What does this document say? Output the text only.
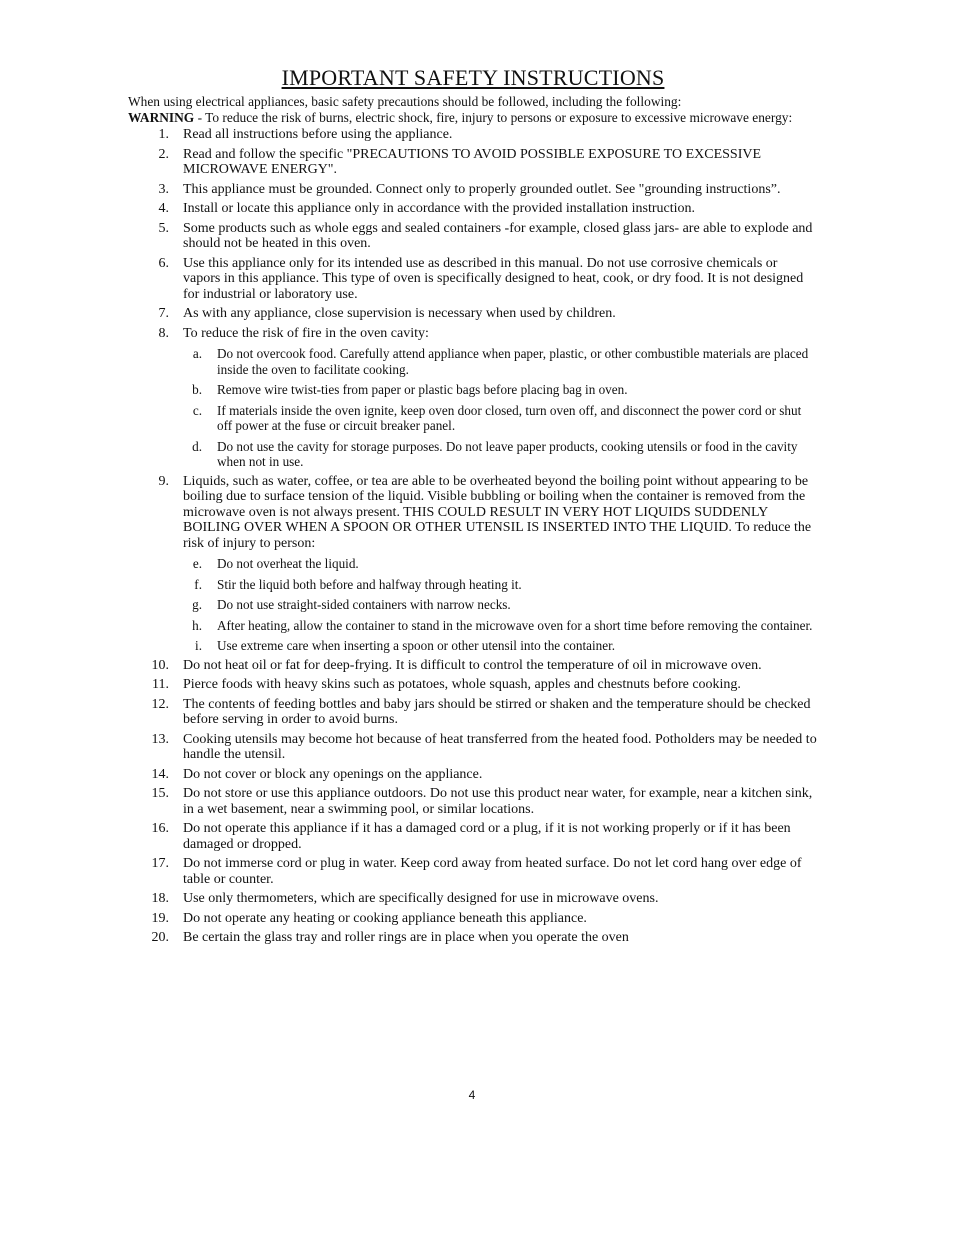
IMPORTANT SAFETY INSTRUCTIONS

When using electrical appliances, basic safety precautions should be followed, including the following:

WARNING - To reduce the risk of burns, electric shock, fire, injury to persons or exposure to excessive microwave energy:

1. Read all instructions before using the appliance.
2. Read and follow the specific "PRECAUTIONS TO AVOID POSSIBLE EXPOSURE TO EXCESSIVE MICROWAVE ENERGY".
3. This appliance must be grounded. Connect only to properly grounded outlet. See "grounding instructions”.
4. Install or locate this appliance only in accordance with the provided installation instruction.
5. Some products such as whole eggs and sealed containers -for example, closed glass jars- are able to explode and should not be heated in this oven.
6. Use this appliance only for its intended use as described in this manual. Do not use corrosive chemicals or vapors in this appliance. This type of oven is specifically designed to heat, cook, or dry food. It is not designed for industrial or laboratory use.
7. As with any appliance, close supervision is necessary when used by children.
8. To reduce the risk of fire in the oven cavity:
a. Do not overcook food. Carefully attend appliance when paper, plastic, or other combustible materials are placed inside the oven to facilitate cooking.
b. Remove wire twist-ties from paper or plastic bags before placing bag in oven.
c. If materials inside the oven ignite, keep oven door closed, turn oven off, and disconnect the power cord or shut off power at the fuse or circuit breaker panel.
d. Do not use the cavity for storage purposes. Do not leave paper products, cooking utensils or food in the cavity when not in use.
9. Liquids, such as water, coffee, or tea are able to be overheated beyond the boiling point without appearing to be boiling due to surface tension of the liquid. Visible bubbling or boiling when the container is removed from the microwave oven is not always present. THIS COULD RESULT IN VERY HOT LIQUIDS SUDDENLY BOILING OVER WHEN A SPOON OR OTHER UTENSIL IS INSERTED INTO THE LIQUID. To reduce the risk of injury to person:
e. Do not overheat the liquid.
f. Stir the liquid both before and halfway through heating it.
g. Do not use straight-sided containers with narrow necks.
h. After heating, allow the container to stand in the microwave oven for a short time before removing the container.
i. Use extreme care when inserting a spoon or other utensil into the container.
10. Do not heat oil or fat for deep-frying. It is difficult to control the temperature of oil in microwave oven.
11. Pierce foods with heavy skins such as potatoes, whole squash, apples and chestnuts before cooking.
12. The contents of feeding bottles and baby jars should be stirred or shaken and the temperature should be checked before serving in order to avoid burns.
13. Cooking utensils may become hot because of heat transferred from the heated food. Potholders may be needed to handle the utensil.
14. Do not cover or block any openings on the appliance.
15. Do not store or use this appliance outdoors. Do not use this product near water, for example, near a kitchen sink, in a wet basement, near a swimming pool, or similar locations.
16. Do not operate this appliance if it has a damaged cord or a plug, if it is not working properly or if it has been damaged or dropped.
17. Do not immerse cord or plug in water. Keep cord away from heated surface. Do not let cord hang over edge of table or counter.
18. Use only thermometers, which are specifically designed for use in microwave ovens.
19. Do not operate any heating or cooking appliance beneath this appliance.
20. Be certain the glass tray and roller rings are in place when you operate the oven
4
